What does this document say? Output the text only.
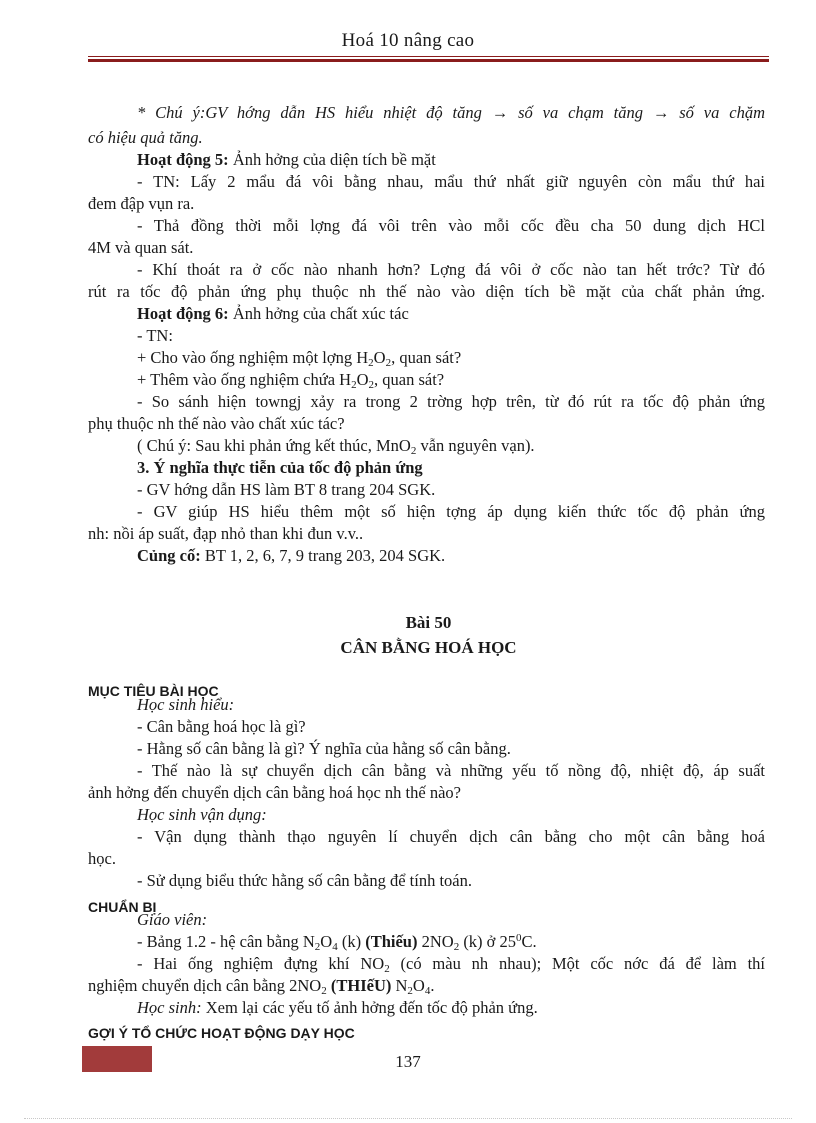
Hoá 10 nâng cao
* Chú ý:GV hớng dẫn HS hiểu nhiệt độ tăng → số va chạm tăng → số va chặm
có hiệu quả tăng.
Hoạt động 5: Ảnh hởng của diện tích bề mặt
- TN: Lấy 2 mẩu đá vôi bằng nhau, mẩu thứ nhất giữ nguyên còn mẩu thứ hai
đem đập vụn ra.
- Thả đồng thời mỗi lợng đá vôi trên vào mỗi cốc đều cha 50 dung dịch HCl
4M và quan sát.
- Khí thoát ra ở cốc nào nhanh hơn? Lợng đá vôi ở cốc nào tan hết trớc? Từ đó
rút ra tốc độ phản ứng phụ thuộc nh thế nào vào diện tích bề mặt của chất phản ứng.
Hoạt động 6: Ảnh hởng của chất xúc tác
- TN:
+ Cho vào ống nghiệm một lợng $H_2O_2$, quan sát?
+ Thêm vào ống nghiệm chứa $H_2O_2$, quan sát?
- So sánh hiện towngj xảy ra trong 2 trờng hợp trên, từ đó rút ra tốc độ phản ứng
phụ thuộc nh thế nào vào chất xúc tác?
( Chú ý: Sau khi phản ứng kết thúc, MnO$_2$ vẫn nguyên vạn).
3. Ý nghĩa thực tiễn của tốc độ phản ứng
- GV hớng dẫn HS làm BT 8 trang 204 SGK.
- GV giúp HS hiểu thêm một số hiện tợng áp dụng kiến thức tốc độ phản ứng
nh: nồi áp suất, đạp nhỏ than khi đun v.v..
Củng cố: BT 1, 2, 6, 7, 9 trang 203, 204 SGK.
Bài 50
CÂN BẰNG HOÁ HỌC
MỤC TIÊU BÀI HỌC
Học sinh hiểu:
- Cân bằng hoá học là gì?
- Hằng số cân bằng là gì? Ý nghĩa của hằng số cân bằng.
- Thế nào là sự chuyển dịch cân bằng và những yếu tố nồng độ, nhiệt độ, áp suất
ảnh hởng đến chuyển dịch cân bằng hoá học nh thế nào?
Học sinh vận dụng:
- Vận dụng thành thạo nguyên lí chuyển dịch cân bằng cho một cân bằng hoá
học.
- Sử dụng biểu thức hằng số cân bằng để tính toán.
CHUẨN BỊ
Giáo viên:
- Bảng 1.2 - hệ cân bằng $N_2O_4$ (k) (Thiếu) $2NO_2$ (k) ở $25^0C$.
- Hai ống nghiệm đựng khí $NO_2$ (có màu nh nhau); Một cốc nớc đá để làm thí
nghiệm chuyển dịch cân bằng $2NO_2$ (THIếU) $N_2O_4$.
Học sinh: Xem lại các yếu tố ảnh hởng đến tốc độ phản ứng.
GỢI Ý TỔ CHỨC HOẠT ĐỘNG DẠY HỌC
137
